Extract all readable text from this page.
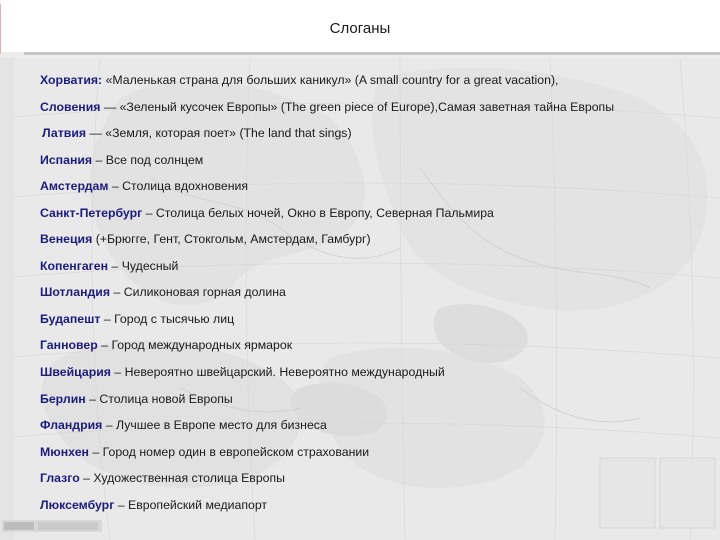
Слоганы
Хорватия: «Маленькая страна для больших каникул» (A small country for a great vacation),
Словения — «Зеленый кусочек Европы» (The green piece of Europe),Самая заветная тайна Европы
Латвия — «Земля, которая поет» (The land that sings)
Испания – Все под солнцем
Амстердам – Столица вдохновения
Санкт-Петербург – Столица белых ночей, Окно в Европу, Северная Пальмира
Венеция (+Брюгге, Гент, Стокгольм, Амстердам, Гамбург)
Копенгаген – Чудесный
Шотландия – Силиконовая горная долина
Будапешт – Город с тысячью лиц
Ганновер – Город международных ярмарок
Швейцария – Невероятно швейцарский. Невероятно международный
Берлин – Столица новой Европы
Фландрия – Лучшее в Европе место для бизнеса
Мюнхен – Город номер один в европейском страховании
Глазго – Художественная столица Европы
Люксембург – Европейский медиапорт
